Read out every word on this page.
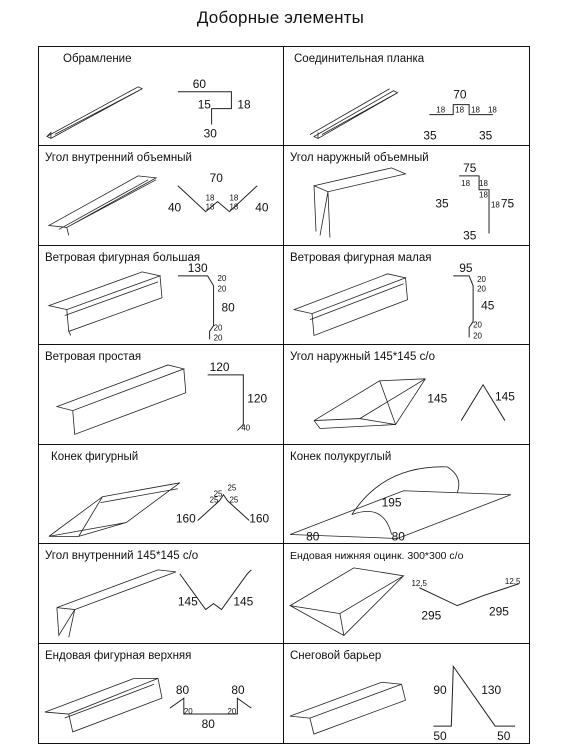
Доборные элементы
Обрамление
60
15 18
30
Соединительная планка
70
18 18 18 18
35	35
Угол внутренний объемный
70
18
18
18
18
40	40
Угол наружный объемный
75
18 18
18
18
35	75
35
Ветровая фигурная большая
130
20
20
80
20
20
Ветровая фигурная малая
95
20
20
45
20
20
Ветровая простая
120
120
40
Угол наружный 145*145 с/о
145	145
Конек фигурный
25
25
25 25
160	160
Конек полукруглый
195
80	80
Угол внутренний 145*145 с/о
145	145
Ендовая нижняя оцинк. 300*300 с/о
12,5	12,5
295	295
Ендовая фигурная верхняя
80	80
20	20
80
Снеговой барьер
90	130
50	50
